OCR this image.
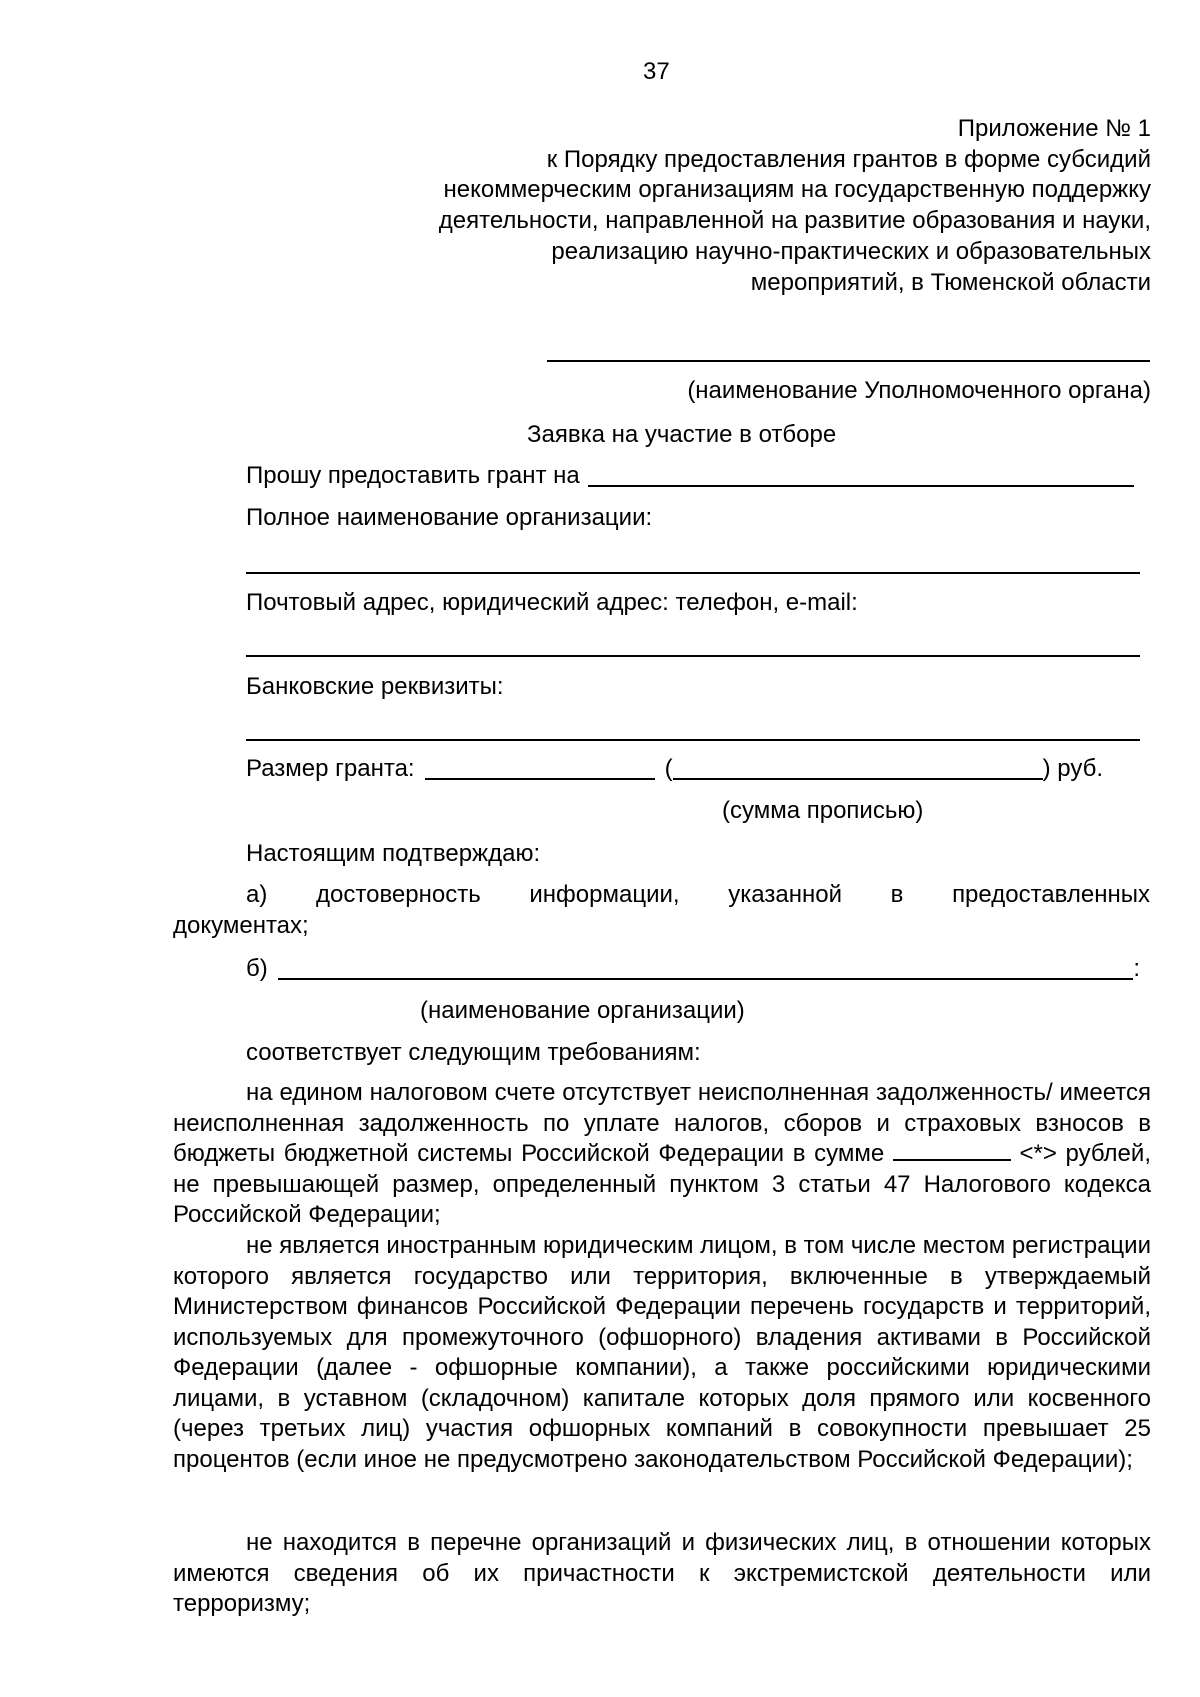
37
Приложение № 1
к Порядку предоставления грантов в форме субсидий
некоммерческим организациям на государственную поддержку
деятельности, направленной на развитие образования и науки,
реализацию научно-практических и образовательных
мероприятий, в Тюменской области
(наименование Уполномоченного органа)
Заявка на участие в отборе
Прошу предоставить грант на
Полное наименование организации:
Почтовый адрес, юридический адрес: телефон, e-mail:
Банковские реквизиты:
Размер гранта:	(	) руб.
(сумма прописью)
Настоящим подтверждаю:
а) достоверность информации, указанной в предоставленных
документах;
б)	:
(наименование организации)
соответствует следующим требованиям:
на едином налоговом счете отсутствует неисполненная задолженность/ имеется неисполненная задолженность по уплате налогов, сборов и страховых взносов в бюджеты бюджетной системы Российской Федерации в сумме	<*> рублей, не превышающей размер, определенный пунктом 3 статьи 47 Налогового кодекса Российской Федерации;
не является иностранным юридическим лицом, в том числе местом регистрации которого является государство или территория, включенные в утверждаемый Министерством финансов Российской Федерации перечень государств и территорий, используемых для промежуточного (офшорного) владения активами в Российской Федерации (далее - офшорные компании), а также российскими юридическими лицами, в уставном (складочном) капитале которых доля прямого или косвенного (через третьих лиц) участия офшорных компаний в совокупности превышает 25 процентов (если иное не предусмотрено законодательством Российской Федерации);
не находится в перечне организаций и физических лиц, в отношении которых имеются сведения об их причастности к экстремистской деятельности или терроризму;
